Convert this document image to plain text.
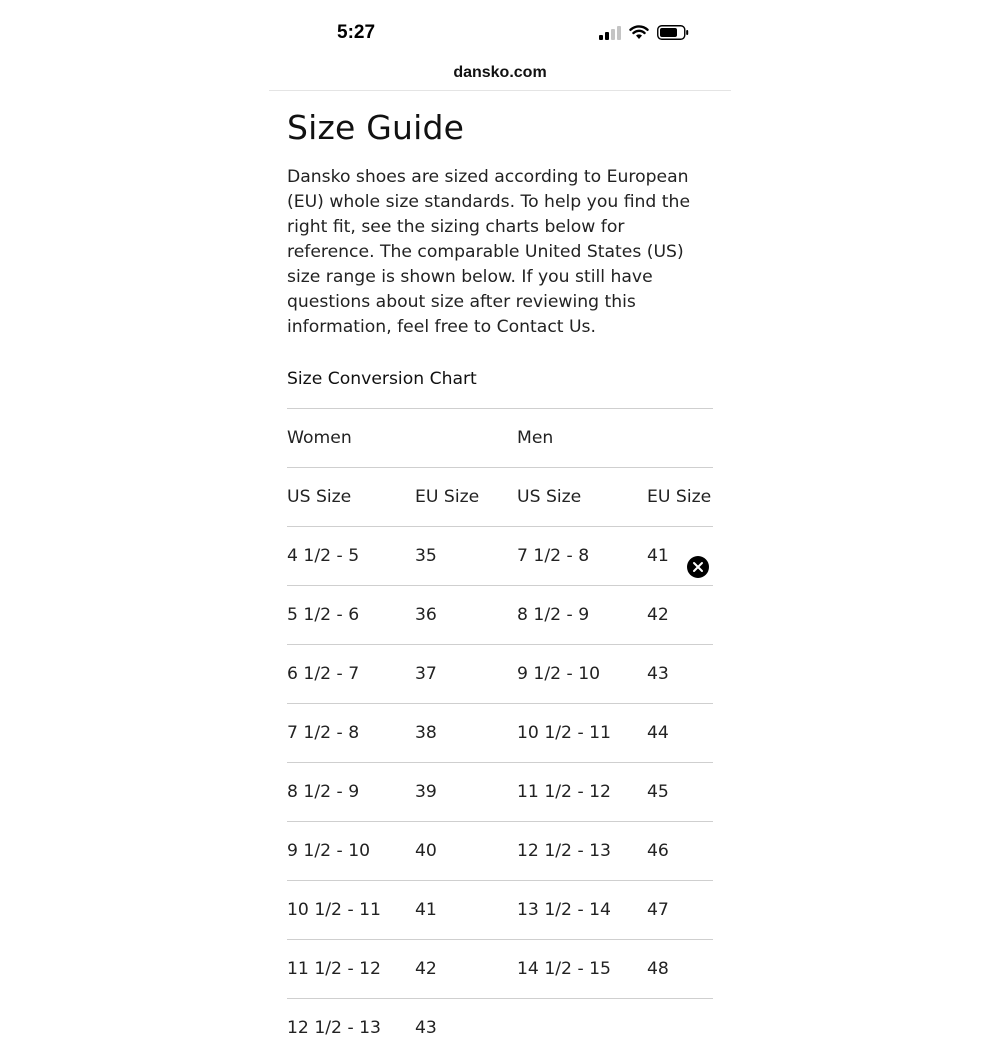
5:27
dansko.com
Size Guide

Dansko shoes are sized according to European (EU) whole size standards. To help you find the right fit, see the sizing charts below for reference. The comparable United States (US) size range is shown below. If you still have questions about size after reviewing this information, feel free to Contact Us.

Size Conversion Chart
Women		Men	
US Size	EU Size	US Size	EU Size
4 1/2 - 5	35	7 1/2 - 8	41
5 1/2 - 6	36	8 1/2 - 9	42
6 1/2 - 7	37	9 1/2 - 10	43
7 1/2 - 8	38	10 1/2 - 11	44
8 1/2 - 9	39	11 1/2 - 12	45
9 1/2 - 10	40	12 1/2 - 13	46
10 1/2 - 11	41	13 1/2 - 14	47
11 1/2 - 12	42	14 1/2 - 15	48
12 1/2 - 13	43		
